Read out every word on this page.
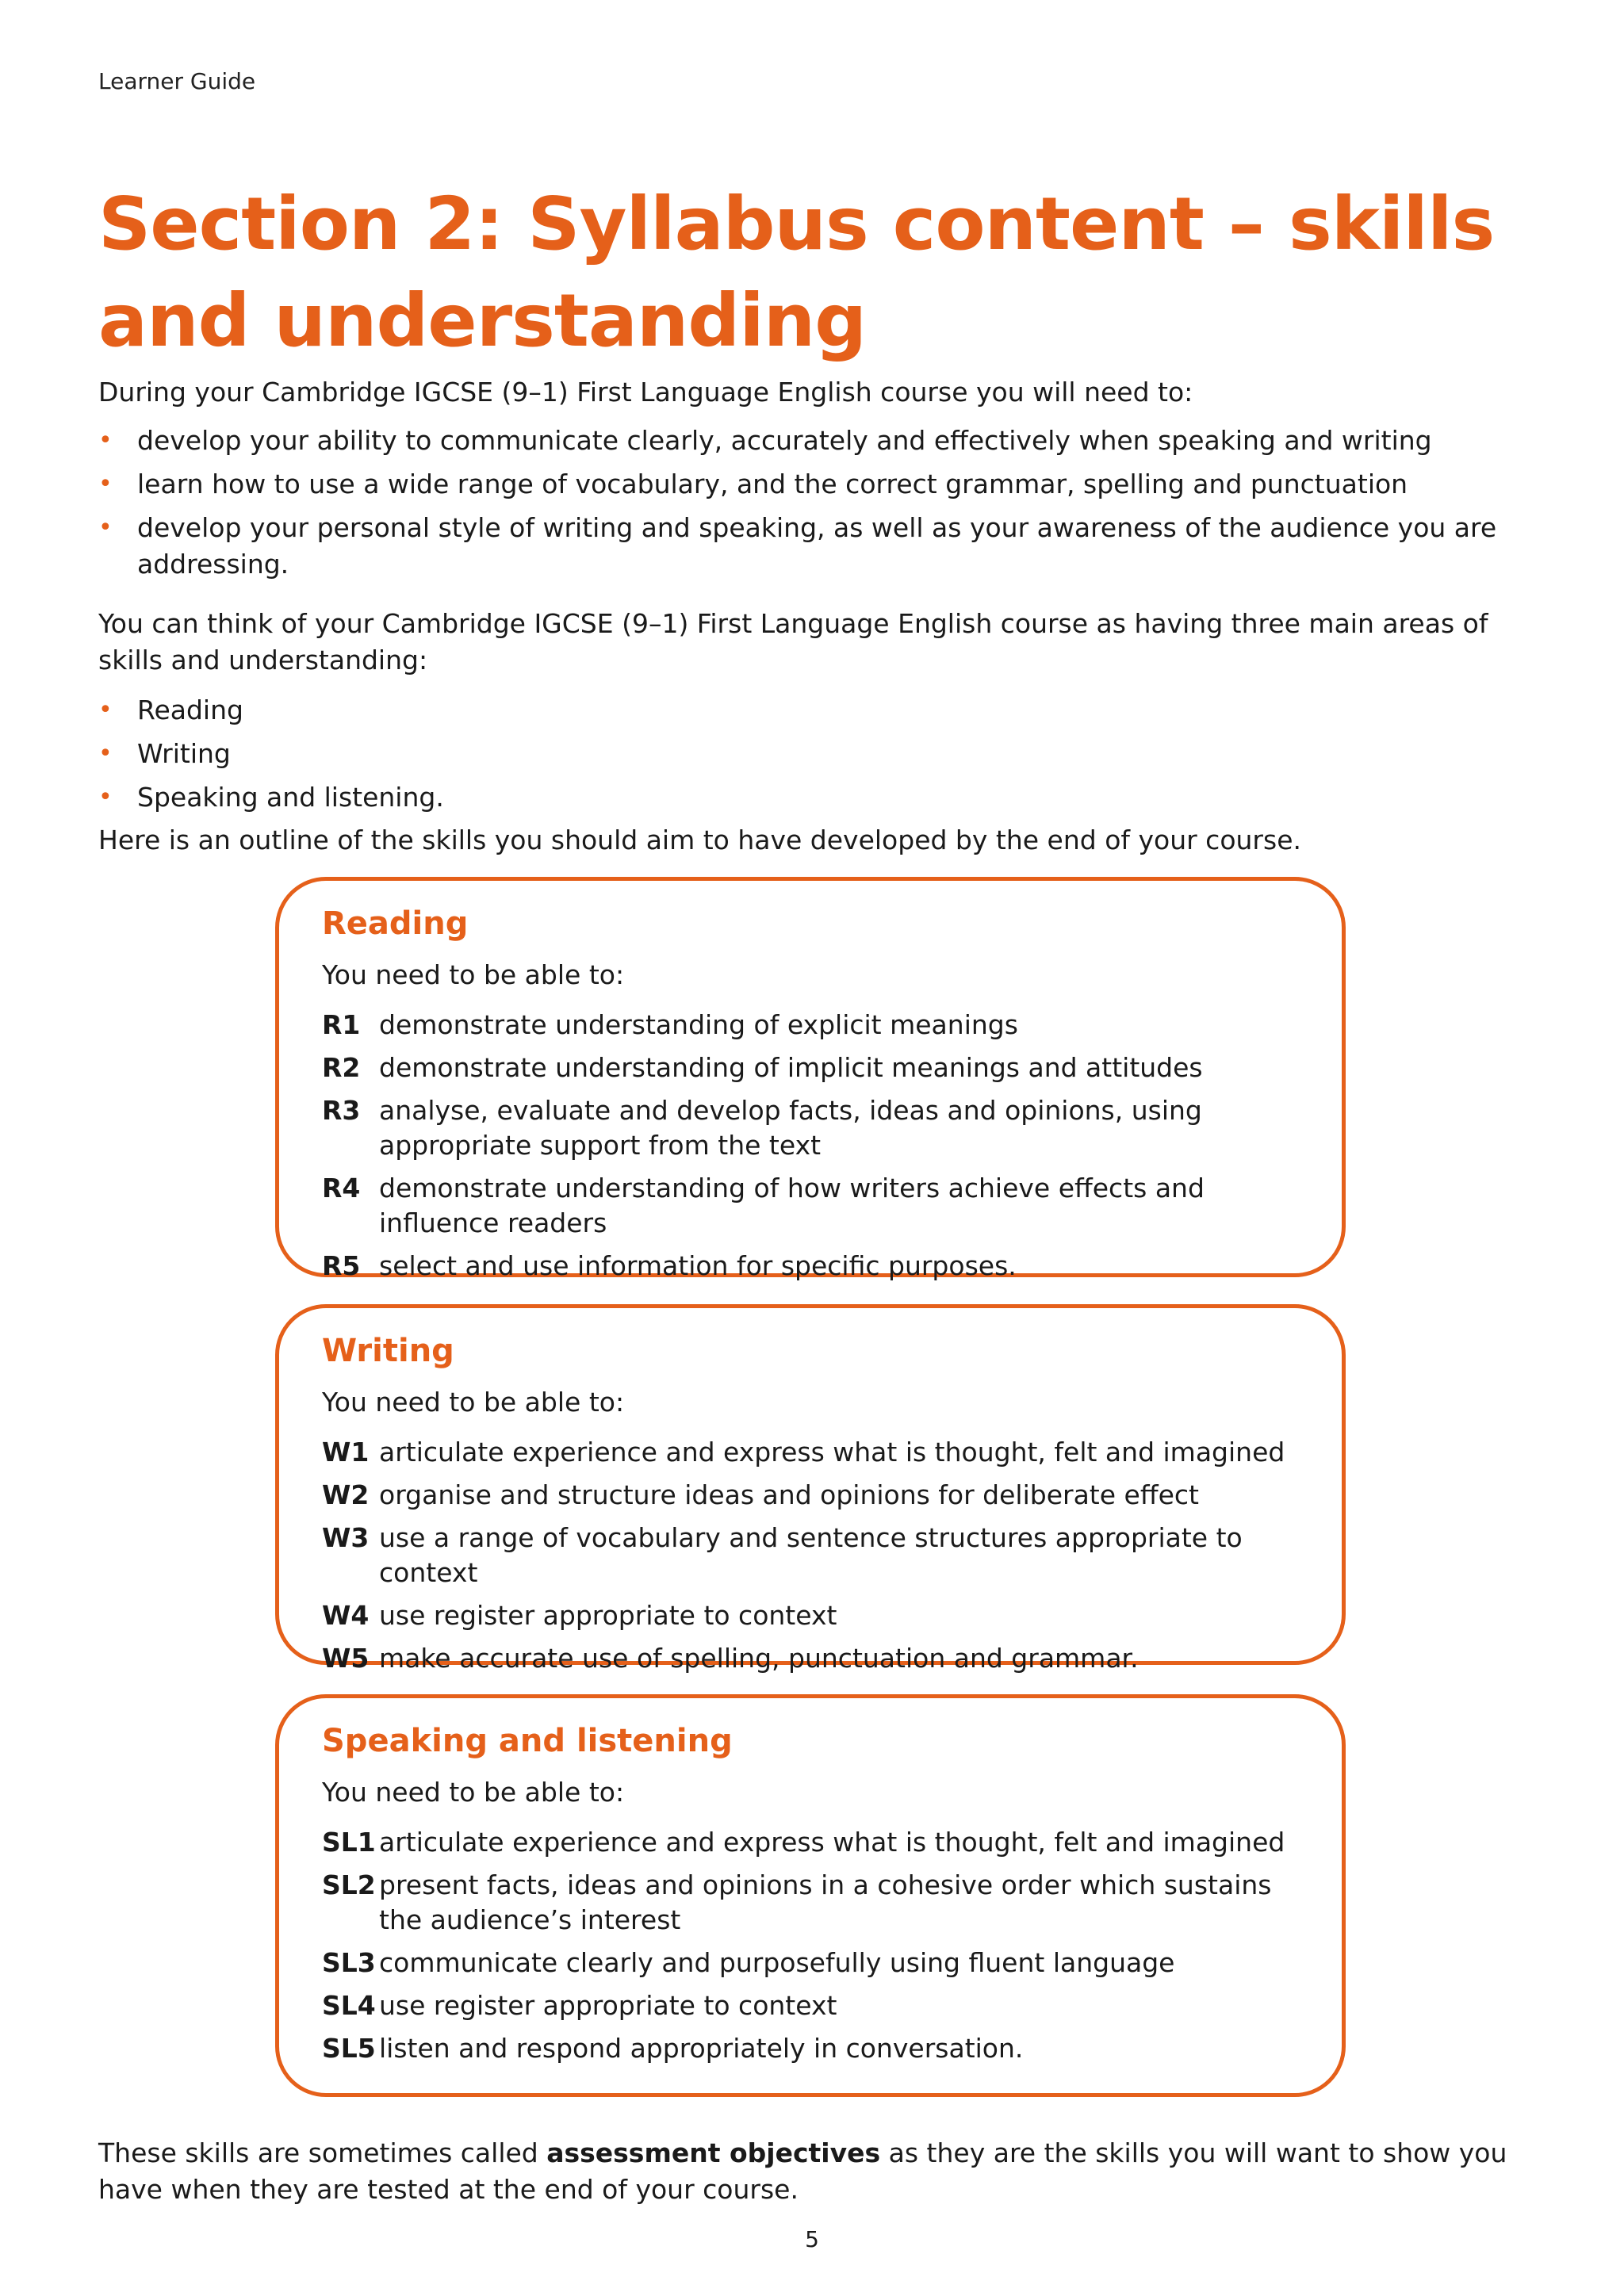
Learner Guide
Section 2: Syllabus content – skills and understanding

During your Cambridge IGCSE (9–1) First Language English course you will need to:

• develop your ability to communicate clearly, accurately and effectively when speaking and writing
• learn how to use a wide range of vocabulary, and the correct grammar, spelling and punctuation
• develop your personal style of writing and speaking, as well as your awareness of the audience you are addressing.

You can think of your Cambridge IGCSE (9–1) First Language English course as having three main areas of skills and understanding:

• Reading
• Writing
• Speaking and listening.

Here is an outline of the skills you should aim to have developed by the end of your course.

Reading

You need to be able to:

R1 demonstrate understanding of explicit meanings
R2 demonstrate understanding of implicit meanings and attitudes
R3 analyse, evaluate and develop facts, ideas and opinions, using appropriate support from the text
R4 demonstrate understanding of how writers achieve effects and influence readers
R5 select and use information for specific purposes.
Writing

You need to be able to:

W1 articulate experience and express what is thought, felt and imagined
W2 organise and structure ideas and opinions for deliberate effect
W3 use a range of vocabulary and sentence structures appropriate to context
W4 use register appropriate to context
W5 make accurate use of spelling, punctuation and grammar.
Speaking and listening

You need to be able to:

SL1 articulate experience and express what is thought, felt and imagined
SL2 present facts, ideas and opinions in a cohesive order which sustains the audience’s interest
SL3 communicate clearly and purposefully using fluent language
SL4 use register appropriate to context
SL5 listen and respond appropriately in conversation.

These skills are sometimes called assessment objectives as they are the skills you will want to show you have when they are tested at the end of your course.

5
